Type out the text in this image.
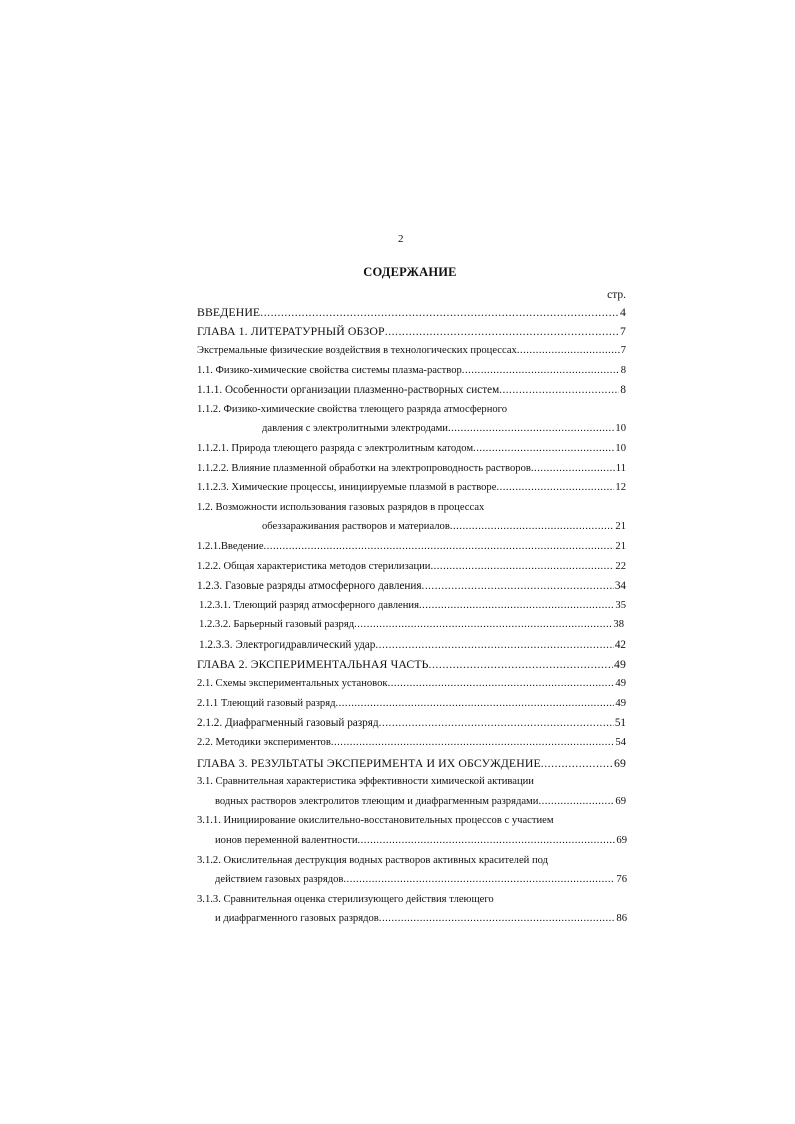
2
СОДЕРЖАНИЕ
стр.
ВВЕДЕНИЕ .....	4
ГЛАВА 1. ЛИТЕРАТУРНЫЙ ОБЗОР .....	7
Экстремальные физические воздействия в технологических процессах .....	7
1.1. Физико-химические свойства системы плазма-раствор .....	8
1.1.1. Особенности организации плазменно-растворных систем .....	8
1.1.2. Физико-химические свойства тлеющего разряда атмосферного
давления с электролитными электродами .....	10
1.1.2.1. Природа тлеющего разряда с электролитным катодом .....	10
1.1.2.2. Влияние плазменной обработки на электропроводность растворов .....	11
1.1.2.3. Химические процессы, инициируемые плазмой в растворе .....	12
1.2. Возможности использования газовых разрядов в процессах
обеззараживания растворов и материалов .....	21
1.2.1.Введение .....	21
1.2.2. Общая характеристика методов стерилизации .....	22
1.2.3. Газовые разряды атмосферного давления .....	34
1.2.3.1. Тлеющий разряд атмосферного давления .....	35
1.2.3.2. Барьерный газовый разряд .....	38
1.2.3.3. Электрогидравлический удар .....	42
ГЛАВА 2. ЭКСПЕРИМЕНТАЛЬНАЯ ЧАСТЬ .....	49
2.1. Схемы экспериментальных установок .....	49
2.1.1 Тлеющий газовый разряд .....	49
2.1.2. Диафрагменный газовый разряд .....	51
2.2. Методики экспериментов .....	54
ГЛАВА 3. РЕЗУЛЬТАТЫ ЭКСПЕРИМЕНТА И ИХ ОБСУЖДЕНИЕ .....	69
3.1. Сравнительная характеристика эффективности химической активации
водных растворов электролитов тлеющим и диафрагменным разрядами .....	69
3.1.1. Инициирование окислительно-восстановительных процессов с участием
ионов переменной валентности .....	69
3.1.2. Окислительная деструкция водных растворов активных красителей под
действием газовых разрядов .....	76
3.1.3. Сравнительная оценка стерилизующего действия тлеющего
и диафрагменного газовых разрядов .....	86
